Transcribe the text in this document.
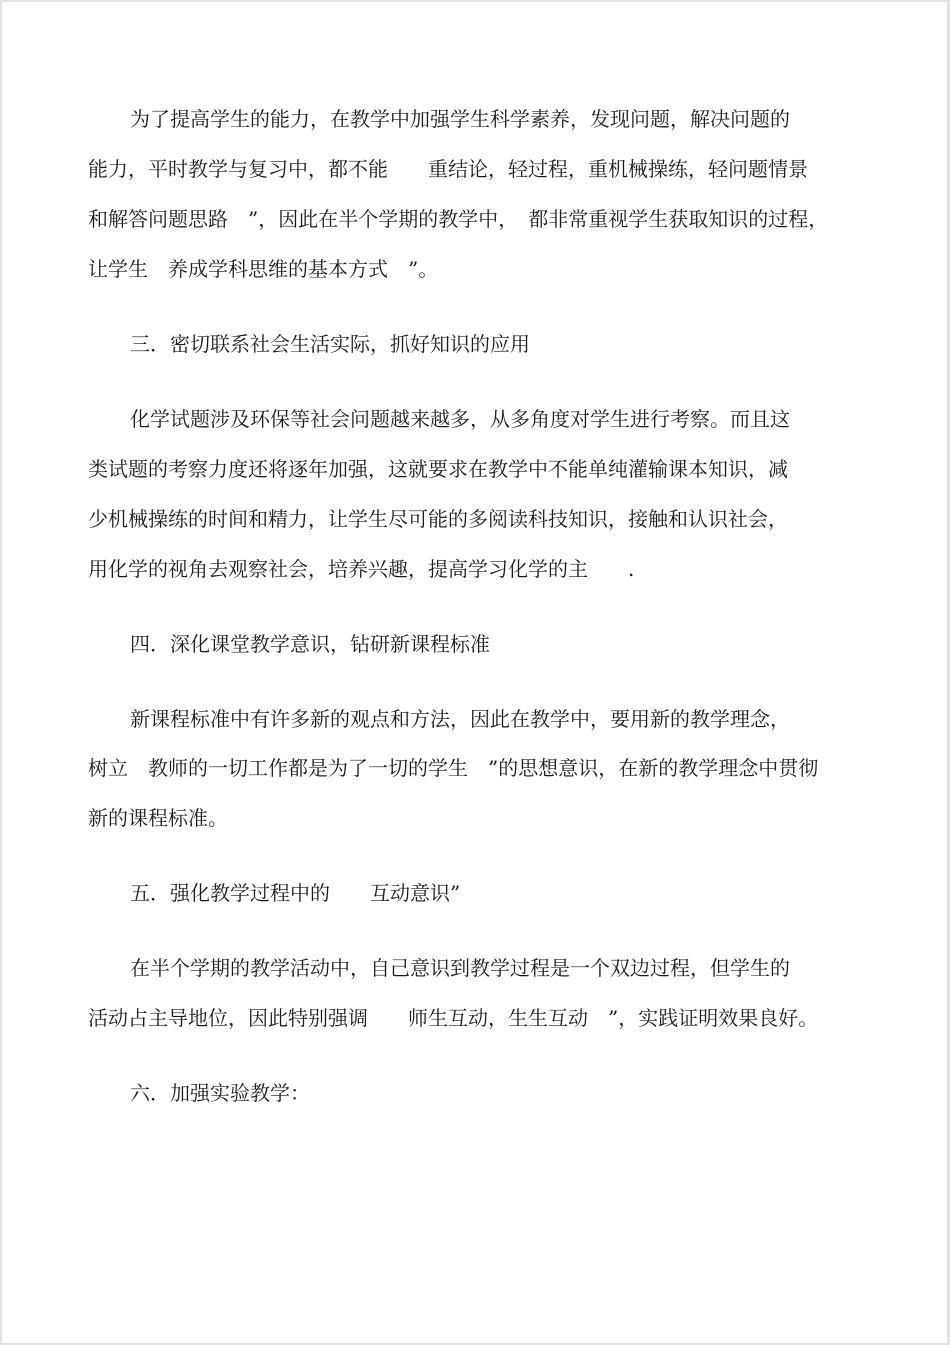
为了提高学生的能力，在教学中加强学生科学素养，发现问题，解决问题的

能力，平时教学与复习中，都不能　　重结论，轻过程，重机械操练，轻问题情景

和解答问题思路　”，因此在半个学期的教学中，　都非常重视学生获取知识的过程，

让学生　养成学科思维的基本方式　”。

三．密切联系社会生活实际，抓好知识的应用

化学试题涉及环保等社会问题越来越多，从多角度对学生进行考察。而且这

类试题的考察力度还将逐年加强，这就要求在教学中不能单纯灌输课本知识，减

少机械操练的时间和精力，让学生尽可能的多阅读科技知识，接触和认识社会，

用化学的视角去观察社会，培养兴趣，提高学习化学的主　　.

四．深化课堂教学意识，钻研新课程标准

新课程标准中有许多新的观点和方法，因此在教学中，要用新的教学理念，

树立　教师的一切工作都是为了一切的学生　”的思想意识，在新的教学理念中贯彻

新的课程标准。

五．强化教学过程中的　　互动意识”

在半个学期的教学活动中，自己意识到教学过程是一个双边过程，但学生的

活动占主导地位，因此特别强调　　师生互动，生生互动　”，实践证明效果良好。

六．加强实验教学：
